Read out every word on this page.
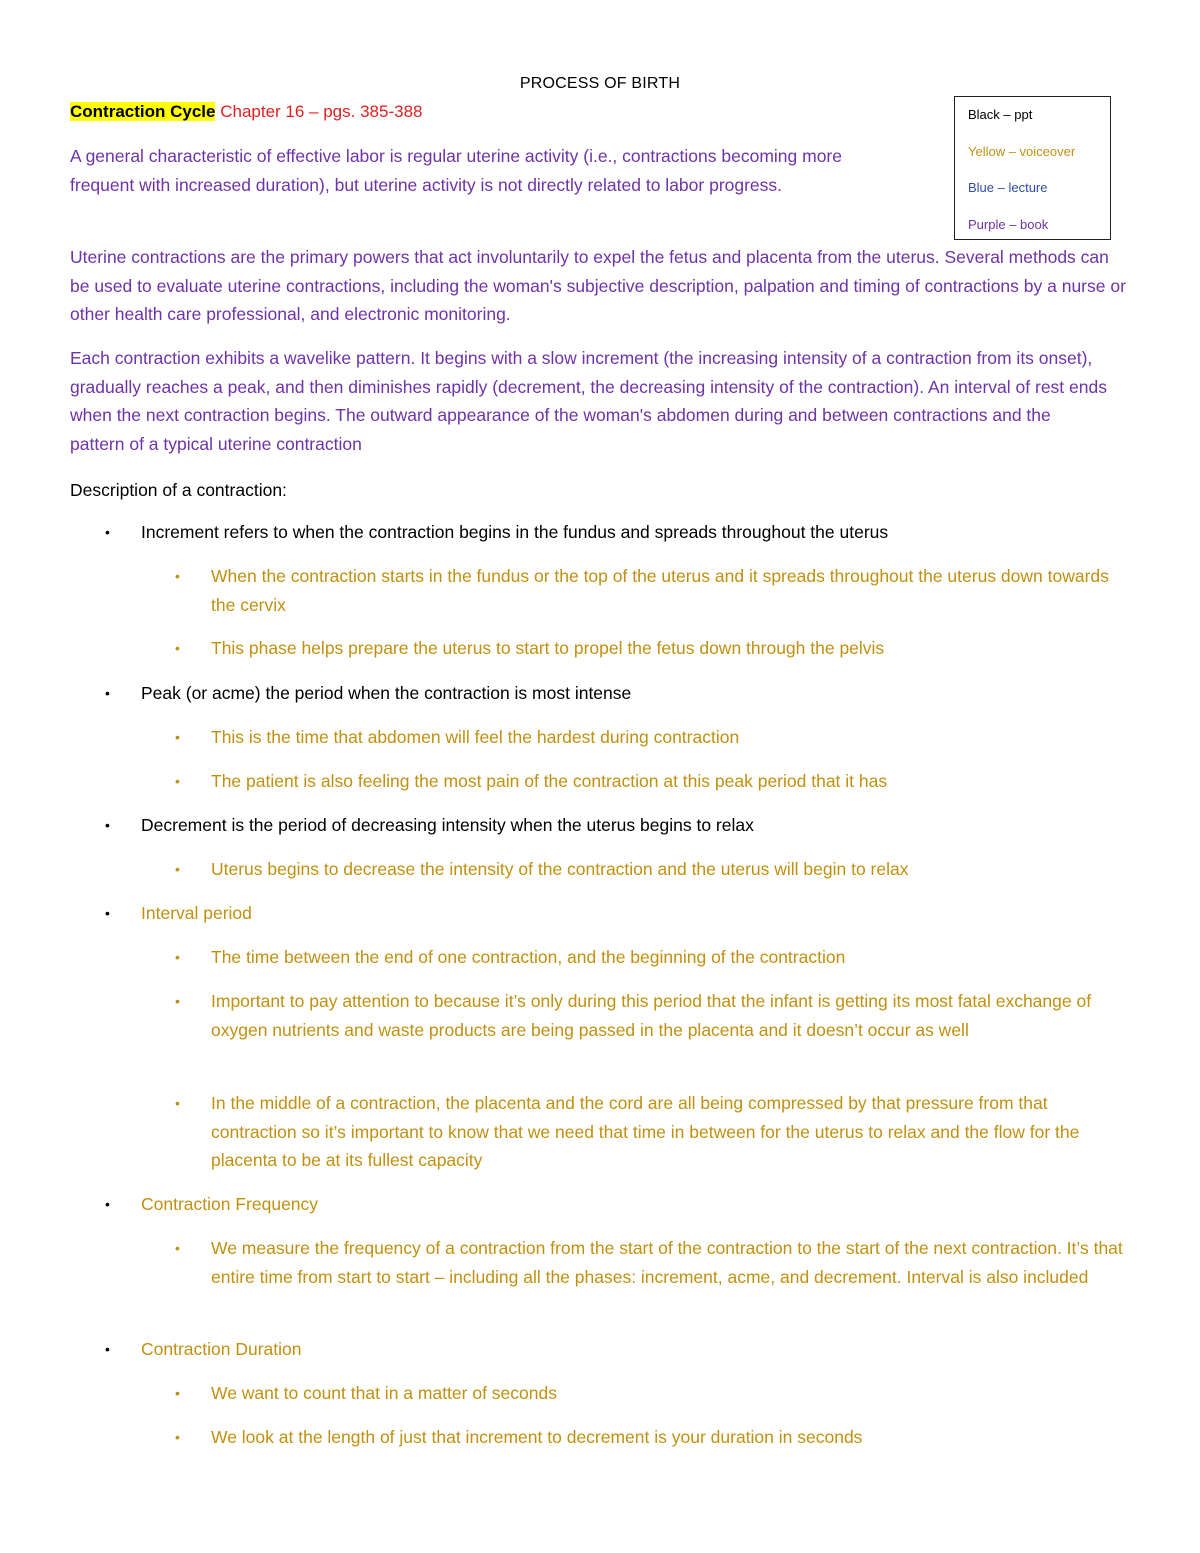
PROCESS OF BIRTH
Black – ppt
Yellow – voiceover
Blue – lecture
Purple – book
Contraction Cycle Chapter 16 – pgs. 385-388
A general characteristic of effective labor is regular uterine activity (i.e., contractions becoming more frequent with increased duration), but uterine activity is not directly related to labor progress.
Uterine contractions are the primary powers that act involuntarily to expel the fetus and placenta from the uterus. Several methods can be used to evaluate uterine contractions, including the woman's subjective description, palpation and timing of contractions by a nurse or other health care professional, and electronic monitoring.
Each contraction exhibits a wavelike pattern. It begins with a slow increment (the increasing intensity of a contraction from its onset), gradually reaches a peak, and then diminishes rapidly (decrement, the decreasing intensity of the contraction). An interval of rest ends when the next contraction begins. The outward appearance of the woman's abdomen during and between contractions and the pattern of a typical uterine contraction
Description of a contraction:
• Increment refers to when the contraction begins in the fundus and spreads throughout the uterus
• When the contraction starts in the fundus or the top of the uterus and it spreads throughout the uterus down towards the cervix
• This phase helps prepare the uterus to start to propel the fetus down through the pelvis
• Peak (or acme) the period when the contraction is most intense
• This is the time that abdomen will feel the hardest during contraction
• The patient is also feeling the most pain of the contraction at this peak period that it has
• Decrement is the period of decreasing intensity when the uterus begins to relax
• Uterus begins to decrease the intensity of the contraction and the uterus will begin to relax
• Interval period
• The time between the end of one contraction, and the beginning of the contraction
• Important to pay attention to because it’s only during this period that the infant is getting its most fatal exchange of oxygen nutrients and waste products are being passed in the placenta and it doesn’t occur as well
• In the middle of a contraction, the placenta and the cord are all being compressed by that pressure from that contraction so it’s important to know that we need that time in between for the uterus to relax and the flow for the placenta to be at its fullest capacity
• Contraction Frequency
• We measure the frequency of a contraction from the start of the contraction to the start of the next contraction. It’s that entire time from start to start – including all the phases: increment, acme, and decrement. Interval is also included
• Contraction Duration
• We want to count that in a matter of seconds
• We look at the length of just that increment to decrement is your duration in seconds
